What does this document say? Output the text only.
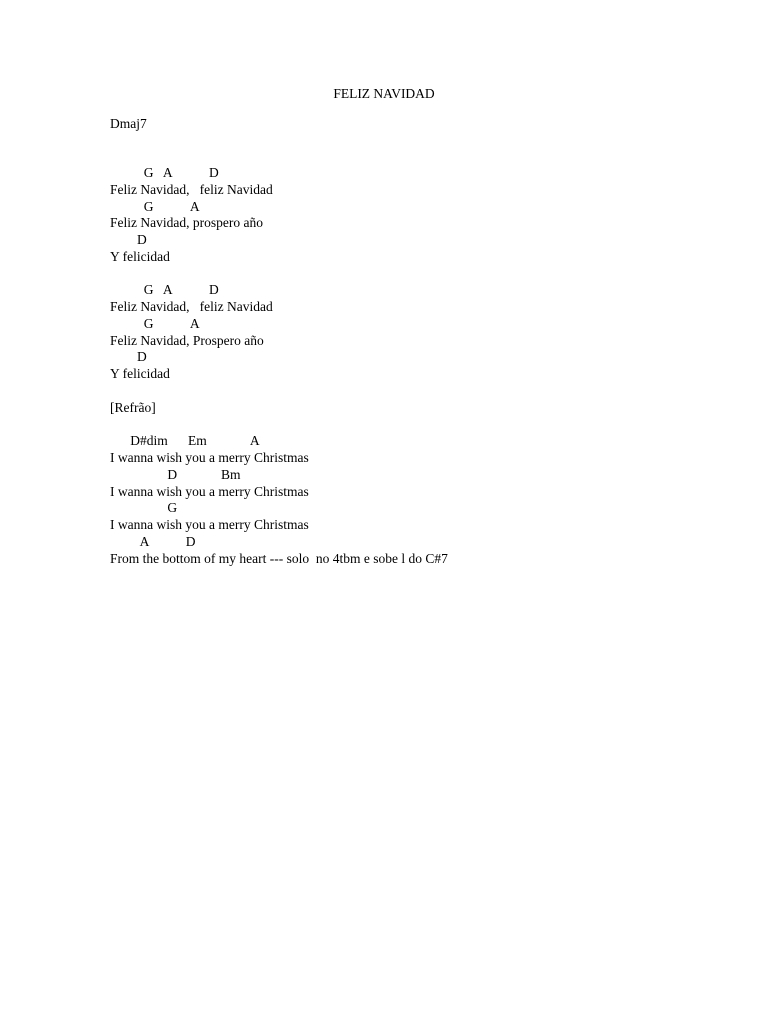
FELIZ NAVIDAD
Dmaj7
G   A           D
Feliz Navidad,   feliz Navidad
G           A
Feliz Navidad, prospero año
D
Y felicidad
G   A           D
Feliz Navidad,   feliz Navidad
G           A
Feliz Navidad, Prospero año
D
Y felicidad
[Refrão]
D#dim      Em             A
I wanna wish you a merry Christmas
D             Bm
I wanna wish you a merry Christmas
G
I wanna wish you a merry Christmas
A           D
From the bottom of my heart --- solo  no 4tbm e sobe l do C#7
